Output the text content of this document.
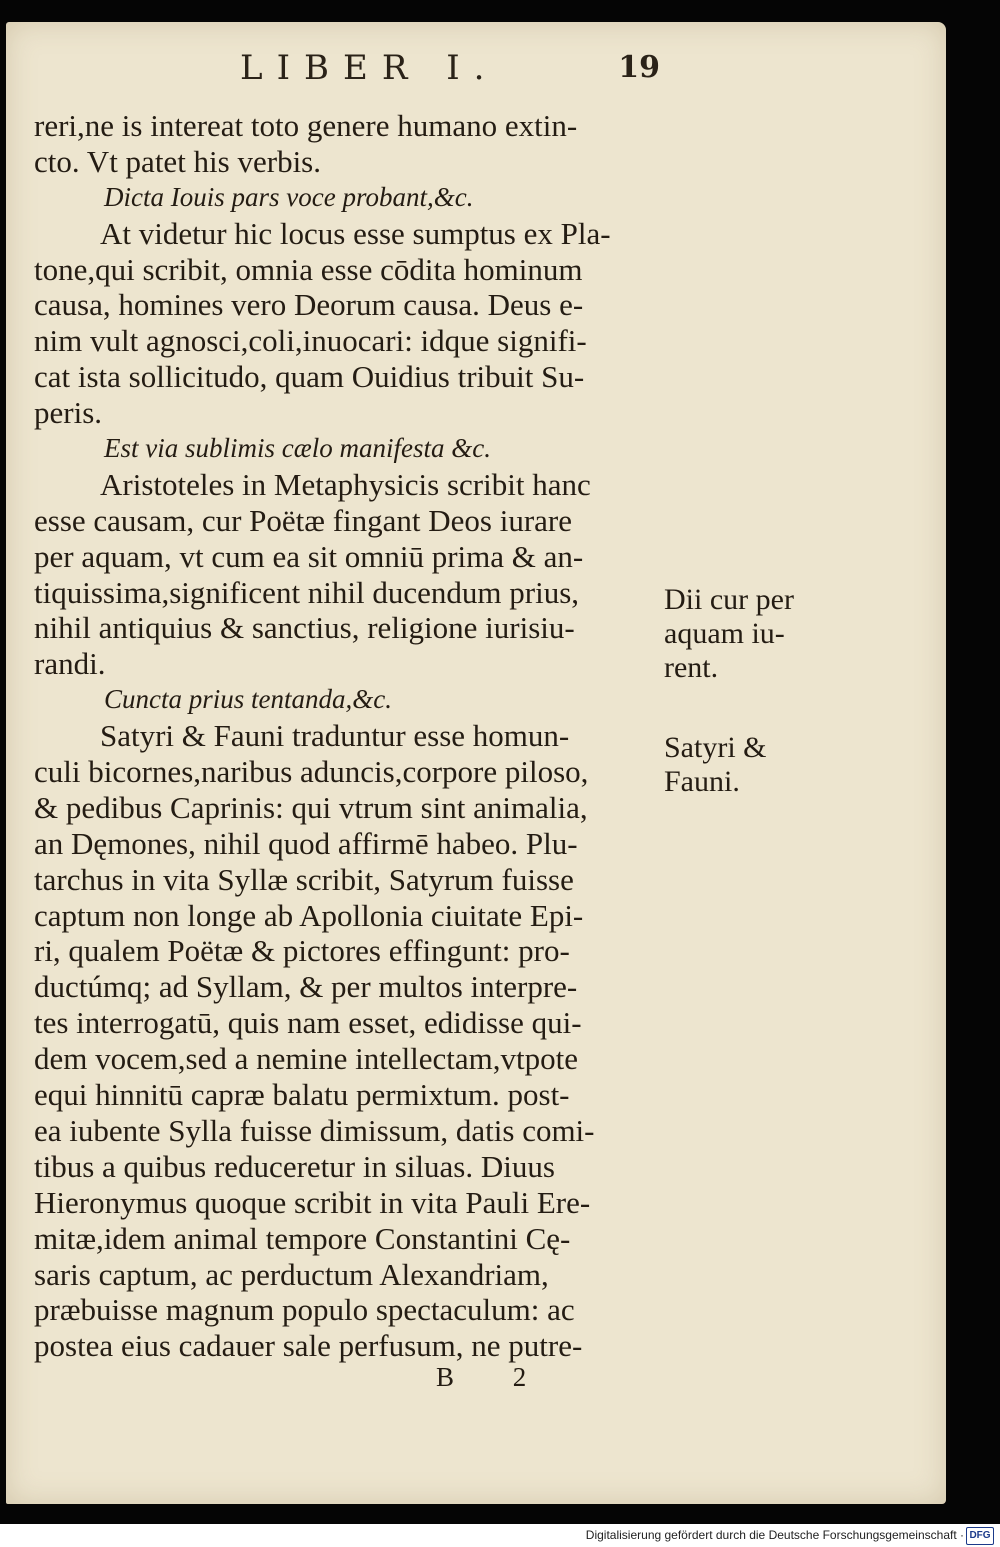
LIBER I.	19
reri,ne is intereat toto genere humano extin-
cto. Vt patet his verbis.
Dicta Iouis pars voce probant,&c.
At videtur hic locus esse sumptus ex Pla-
tone,qui scribit, omnia esse cōdita hominum
causa, homines vero Deorum causa. Deus e-
nim vult agnosci,coli,inuocari: idque signifi-
cat ista sollicitudo, quam Ouidius tribuit Su-
peris.
Est via sublimis cælo manifesta &c.
Aristoteles in Metaphysicis scribit hanc
esse causam, cur Poëtæ fingant Deos iurare
per aquam, vt cum ea sit omniū prima & an-
tiquissima,significent nihil ducendum prius,
nihil antiquius & sanctius, religione iurisiu-
randi.
Cuncta prius tentanda,&c.
Satyri & Fauni traduntur esse homun-
culi bicornes,naribus aduncis,corpore piloso,
& pedibus Caprinis: qui vtrum sint animalia,
an Dęmones, nihil quod affirmē habeo. Plu-
tarchus in vita Syllæ scribit, Satyrum fuisse
captum non longe ab Apollonia ciuitate Epi-
ri, qualem Poëtæ & pictores effingunt: pro-
ductúmq; ad Syllam, & per multos interpre-
tes interrogatū, quis nam esset, edidisse qui-
dem vocem,sed a nemine intellectam,vtpote
equi hinnitū capræ balatu permixtum. post-
ea iubente Sylla fuisse dimissum, datis comi-
tibus a quibus reduceretur in siluas. Diuus
Hieronymus quoque scribit in vita Pauli Ere-
mitæ,idem animal tempore Constantini Cę-
saris captum, ac perductum Alexandriam,
præbuisse magnum populo spectaculum: ac
postea eius cadauer sale perfusum, ne putre-
Dii cur per
aquam iu-
rent.
Satyri &
Fauni.
B 2
Digitalisierung gefördert durch die Deutsche Forschungsgemeinschaft · DFG
